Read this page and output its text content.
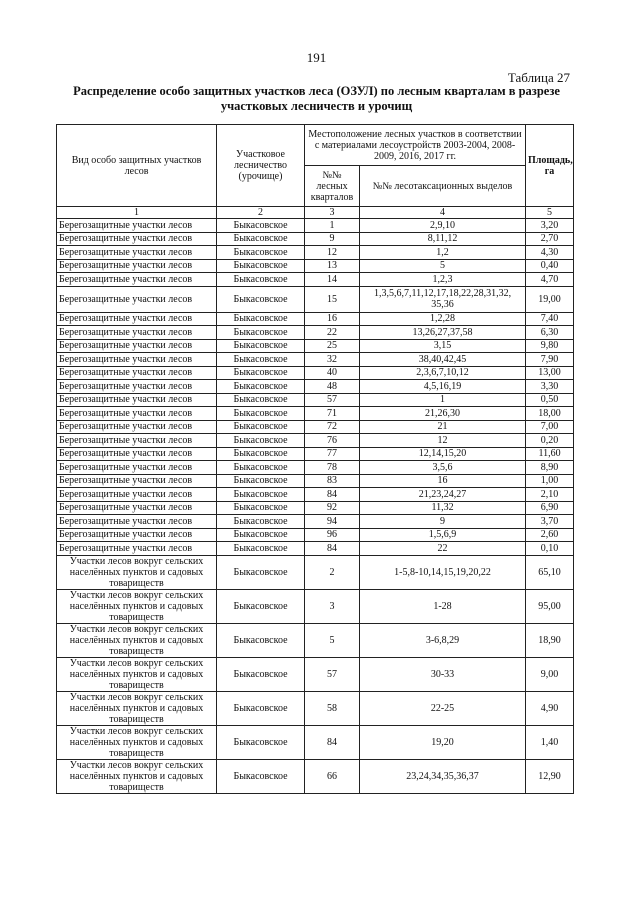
191
Таблица 27
Распределение особо защитных участков леса (ОЗУЛ) по лесным кварталам в разрезе участковых лесничеств и урочищ
Вид особо защитных участков лесов	Участковое лесничество (урочище)	Местоположение лесных участков в соответствии с материалами лесоустройств 2003-2004, 2008-2009, 2016, 2017 гг.		Площадь, га
		№№ лесных кварталов	№№ лесотаксационных выделов	
1	2	3	4	5
Берегозащитные участки лесов	Быкасовское	1	2,9,10	3,20
Берегозащитные участки лесов	Быкасовское	9	8,11,12	2,70
Берегозащитные участки лесов	Быкасовское	12	1,2	4,30
Берегозащитные участки лесов	Быкасовское	13	5	0,40
Берегозащитные участки лесов	Быкасовское	14	1,2,3	4,70
Берегозащитные участки лесов	Быкасовское	15	1,3,5,6,7,11,12,17,18,22,28,31,32, 35,36	19,00
Берегозащитные участки лесов	Быкасовское	16	1,2,28	7,40
Берегозащитные участки лесов	Быкасовское	22	13,26,27,37,58	6,30
Берегозащитные участки лесов	Быкасовское	25	3,15	9,80
Берегозащитные участки лесов	Быкасовское	32	38,40,42,45	7,90
Берегозащитные участки лесов	Быкасовское	40	2,3,6,7,10,12	13,00
Берегозащитные участки лесов	Быкасовское	48	4,5,16,19	3,30
Берегозащитные участки лесов	Быкасовское	57	1	0,50
Берегозащитные участки лесов	Быкасовское	71	21,26,30	18,00
Берегозащитные участки лесов	Быкасовское	72	21	7,00
Берегозащитные участки лесов	Быкасовское	76	12	0,20
Берегозащитные участки лесов	Быкасовское	77	12,14,15,20	11,60
Берегозащитные участки лесов	Быкасовское	78	3,5,6	8,90
Берегозащитные участки лесов	Быкасовское	83	16	1,00
Берегозащитные участки лесов	Быкасовское	84	21,23,24,27	2,10
Берегозащитные участки лесов	Быкасовское	92	11,32	6,90
Берегозащитные участки лесов	Быкасовское	94	9	3,70
Берегозащитные участки лесов	Быкасовское	96	1,5,6,9	2,60
Берегозащитные участки лесов	Быкасовское	84	22	0,10
Участки лесов вокруг сельских населённых пунктов и садовых товариществ	Быкасовское	2	1-5,8-10,14,15,19,20,22	65,10
Участки лесов вокруг сельских населённых пунктов и садовых товариществ	Быкасовское	3	1-28	95,00
Участки лесов вокруг сельских населённых пунктов и садовых товариществ	Быкасовское	5	3-6,8,29	18,90
Участки лесов вокруг сельских населённых пунктов и садовых товариществ	Быкасовское	57	30-33	9,00
Участки лесов вокруг сельских населённых пунктов и садовых товариществ	Быкасовское	58	22-25	4,90
Участки лесов вокруг сельских населённых пунктов и садовых товариществ	Быкасовское	84	19,20	1,40
Участки лесов вокруг сельских населённых пунктов и садовых товариществ	Быкасовское	66	23,24,34,35,36,37	12,90
